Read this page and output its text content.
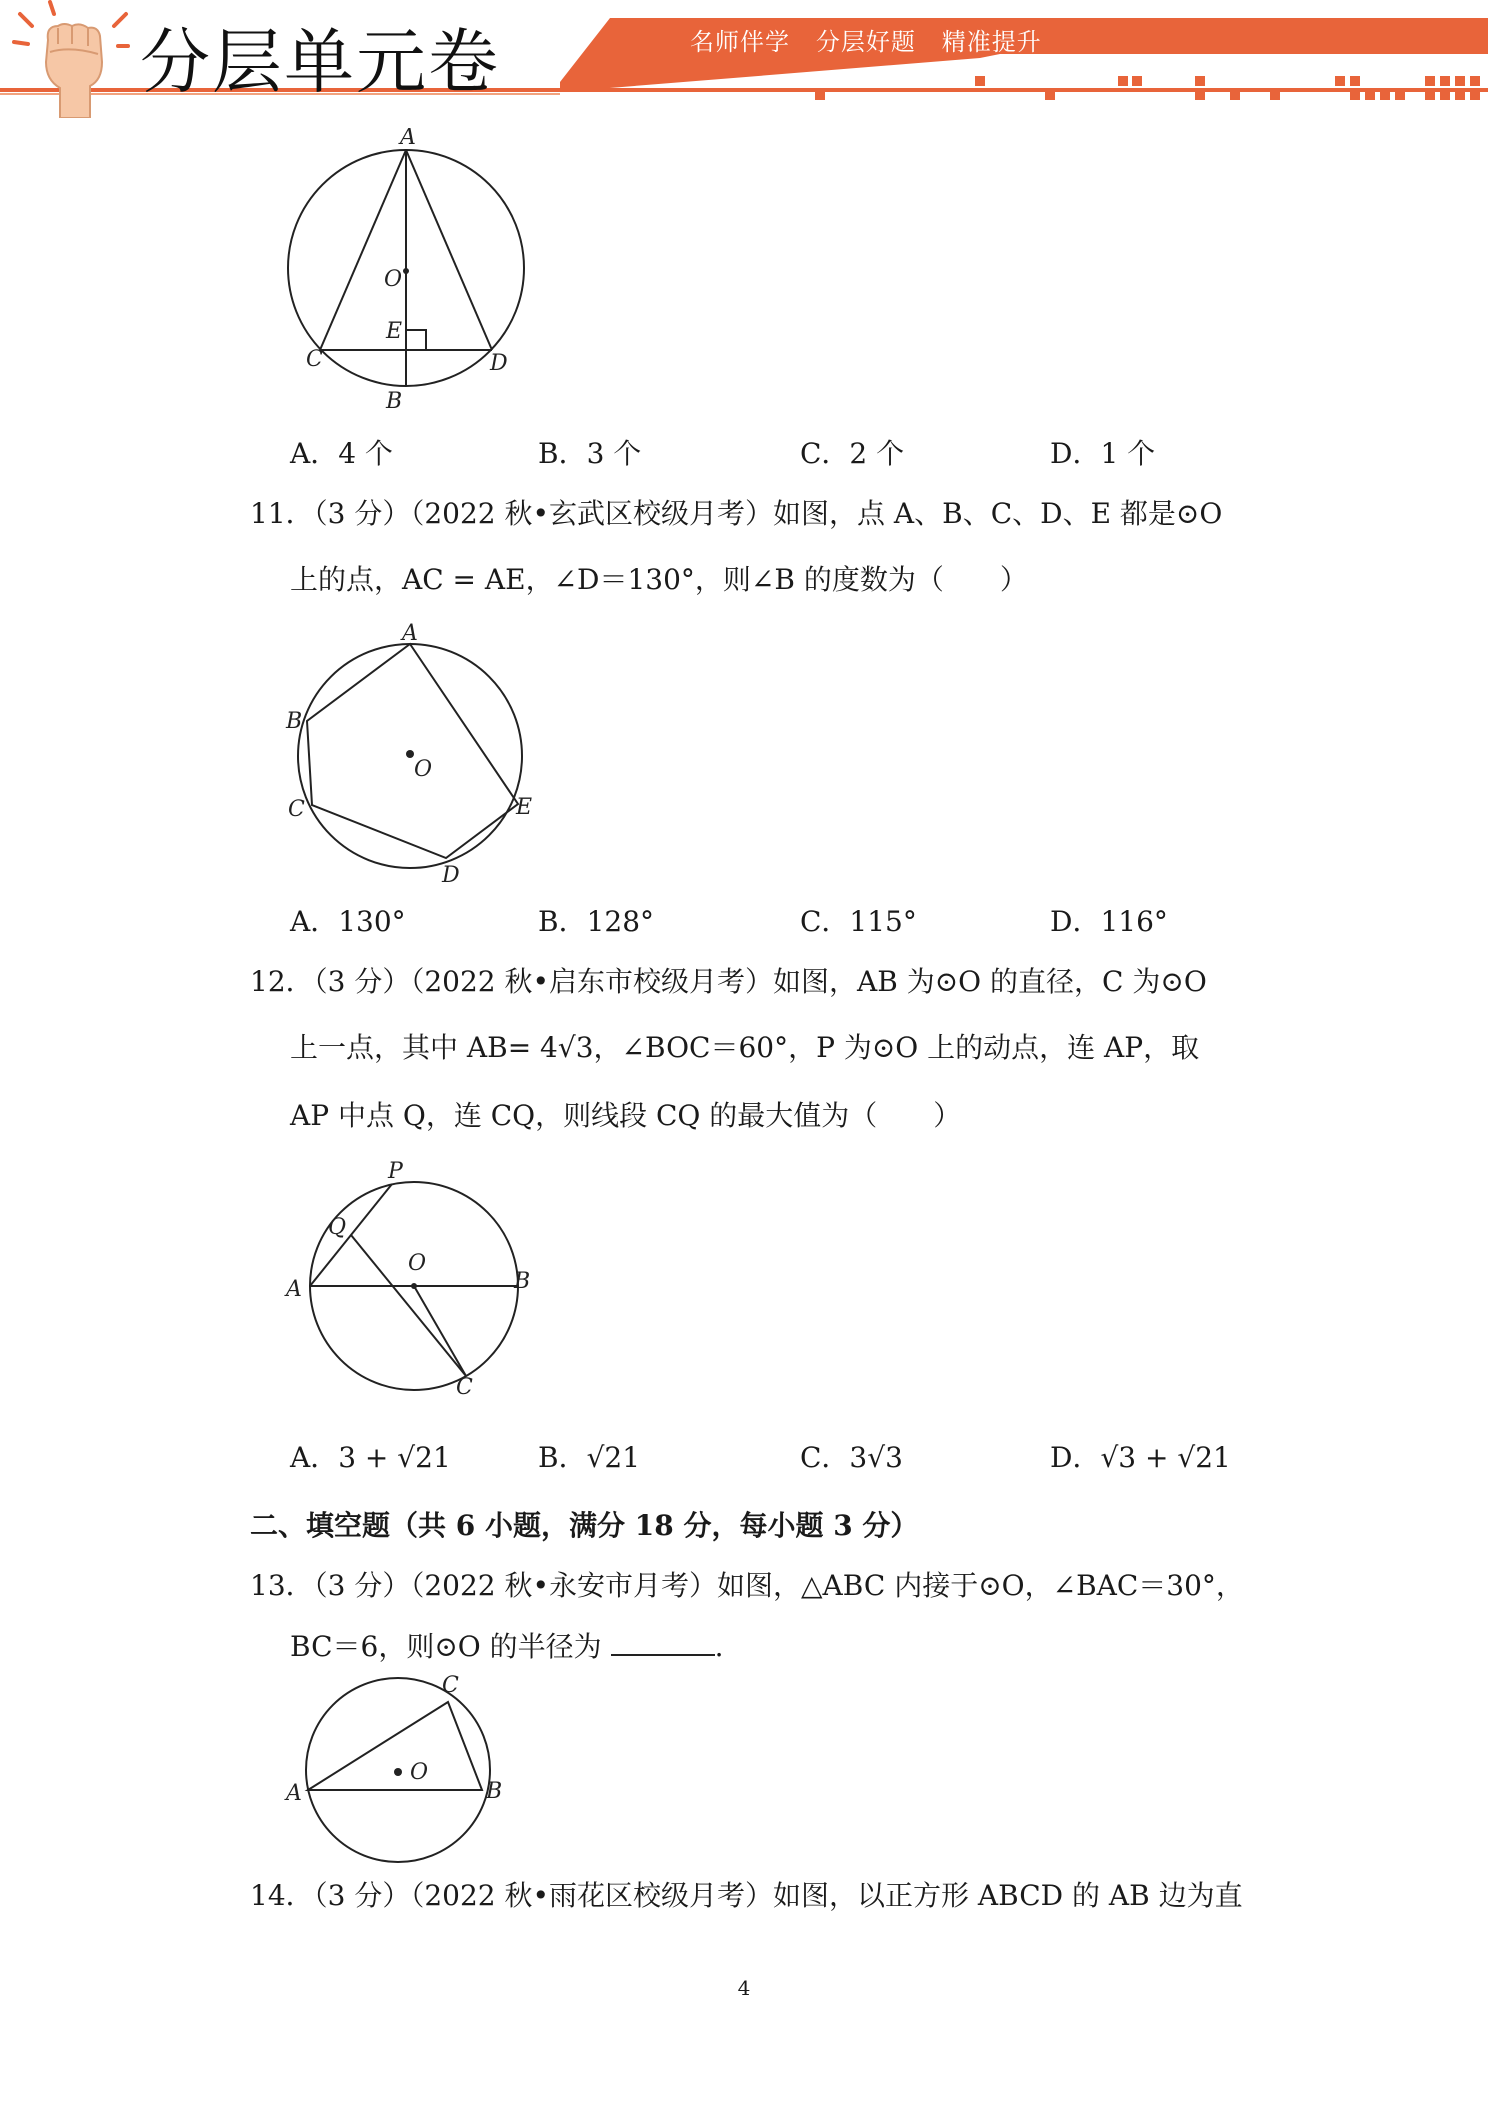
分层单元卷	名师伴学   分层好题   精准提升
A
O
E
C	D
B
A．4 个	B．3 个	C．2 个	D．1 个
11．（3 分）（2022 秋•玄武区校级月考）如图，点 A、B、C、D、E 都是⊙O
上的点，AC = AE，∠D＝130°，则∠B 的度数为（　　）
A
B
C
D
E
O
A．130°	B．128°	C．115°	D．116°
12．（3 分）（2022 秋•启东市校级月考）如图，AB 为⊙O 的直径，C 为⊙O
上一点，其中 AB= 4√3，∠BOC＝60°，P 为⊙O 上的动点，连 AP，取
AP 中点 Q，连 CQ，则线段 CQ 的最大值为（　　）
P
Q
O
A	B
C
A．3 + √21	B．√21	C．3√3	D．√3 + √21
二、填空题（共 6 小题，满分 18 分，每小题 3 分）
13．（3 分）（2022 秋•永安市月考）如图，△ABC 内接于⊙O，∠BAC＝30°，
BC＝6，则⊙O 的半径为	.
C
O
A	B
14．（3 分）（2022 秋•雨花区校级月考）如图，以正方形 ABCD 的 AB 边为直
4
